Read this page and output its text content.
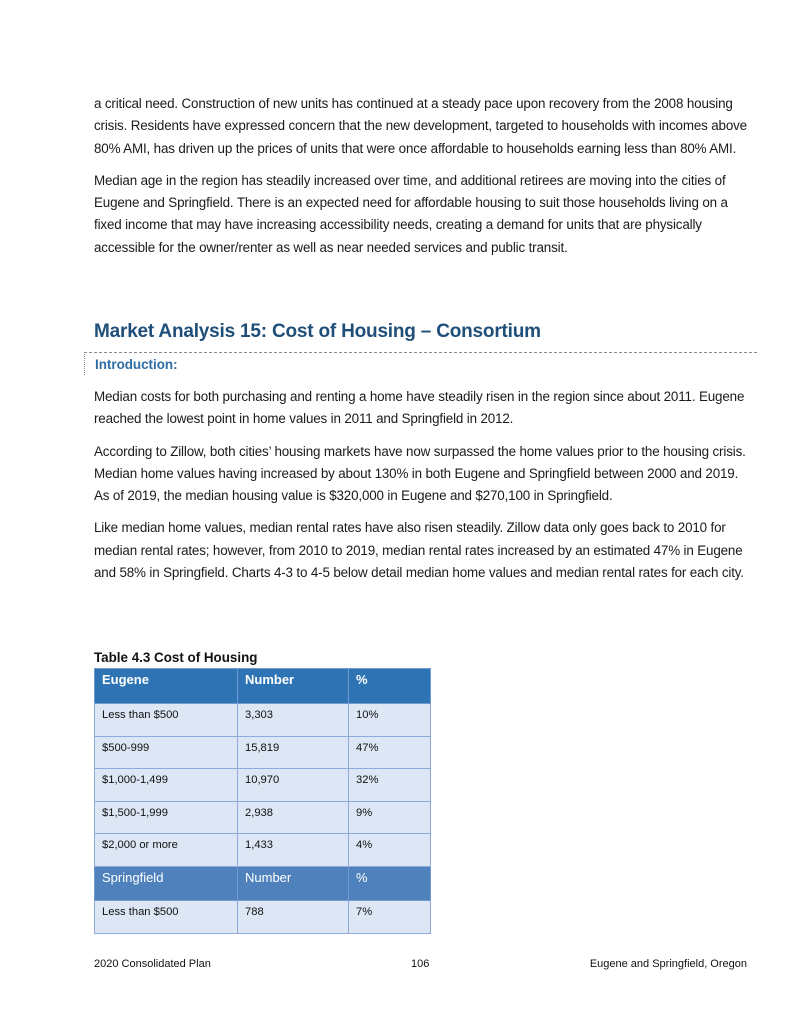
a critical need. Construction of new units has continued at a steady pace upon recovery from the 2008 housing crisis. Residents have expressed concern that the new development, targeted to households with incomes above 80% AMI, has driven up the prices of units that were once affordable to households earning less than 80% AMI.

Median age in the region has steadily increased over time, and additional retirees are moving into the cities of Eugene and Springfield. There is an expected need for affordable housing to suit those households living on a fixed income that may have increasing accessibility needs, creating a demand for units that are physically accessible for the owner/renter as well as near needed services and public transit.

Market Analysis 15: Cost of Housing – Consortium
Introduction:

Median costs for both purchasing and renting a home have steadily risen in the region since about 2011. Eugene reached the lowest point in home values in 2011 and Springfield in 2012.

According to Zillow, both cities’ housing markets have now surpassed the home values prior to the housing crisis. Median home values having increased by about 130% in both Eugene and Springfield between 2000 and 2019. As of 2019, the median housing value is $320,000 in Eugene and $270,100 in Springfield.

Like median home values, median rental rates have also risen steadily. Zillow data only goes back to 2010 for median rental rates; however, from 2010 to 2019, median rental rates increased by an estimated 47% in Eugene and 58% in Springfield. Charts 4-3 to 4-5 below detail median home values and median rental rates for each city.

Table 4.3 Cost of Housing
Eugene	Number	%
Less than $500	3,303	10%
$500-999	15,819	47%
$1,000-1,499	10,970	32%
$1,500-1,999	2,938	9%
$2,000 or more	1,433	4%
Springfield	Number	%
Less than $500	788	7%
2020 Consolidated Plan	106	Eugene and Springfield, Oregon
